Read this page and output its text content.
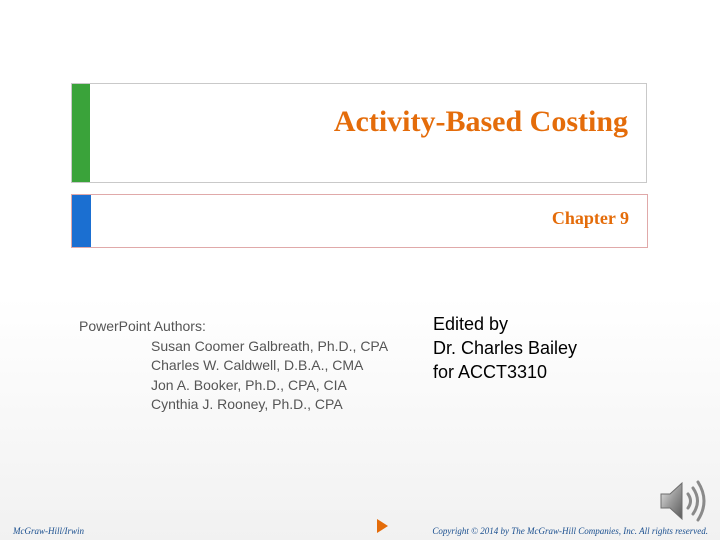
Activity-Based Costing
Chapter 9
PowerPoint Authors:
Susan Coomer Galbreath, Ph.D., CPA
Charles W. Caldwell, D.B.A., CMA
Jon A. Booker, Ph.D., CPA, CIA
Cynthia J. Rooney, Ph.D., CPA
Edited by
Dr. Charles Bailey
for ACCT3310
McGraw-Hill/Irwin	Copyright © 2014 by The McGraw-Hill Companies, Inc. All rights reserved.
